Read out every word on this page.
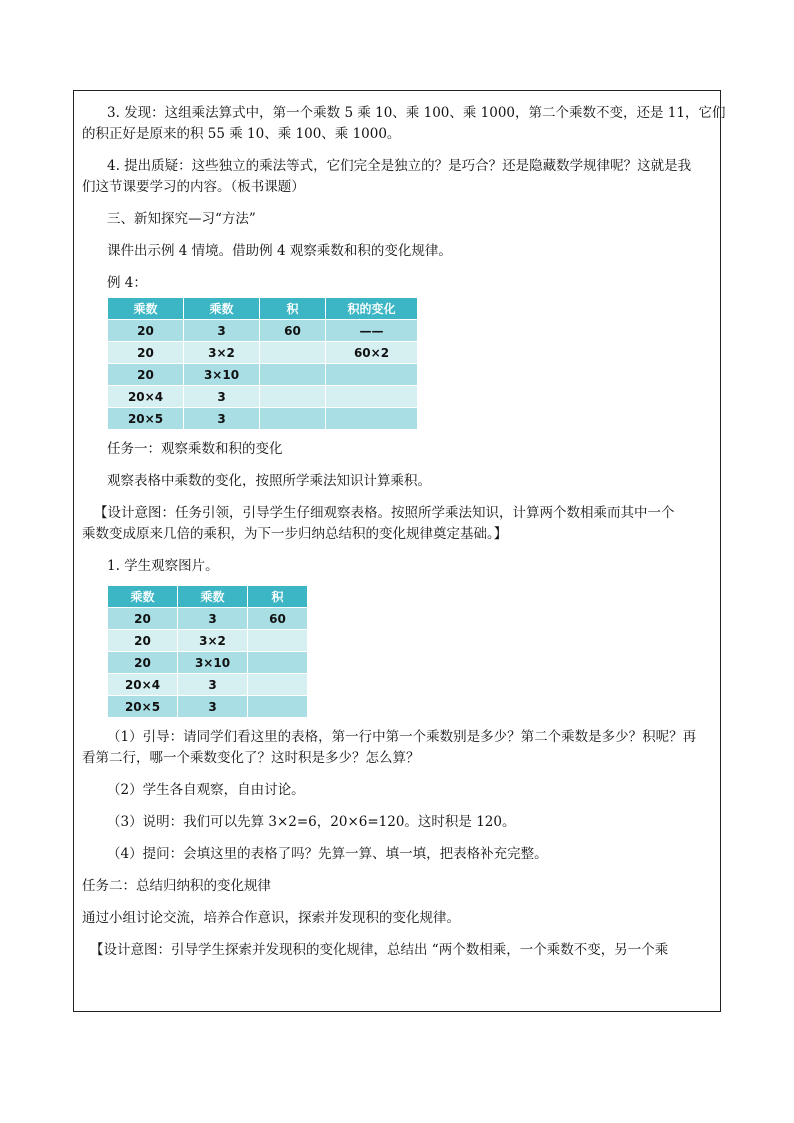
3. 发现：这组乘法算式中，第一个乘数 5 乘 10、乘 100、乘 1000，第二个乘数不变，还是 11，它们

的积正好是原来的积 55 乘 10、乘 100、乘 1000。

4. 提出质疑：这些独立的乘法等式，它们完全是独立的？是巧合？还是隐藏数学规律呢？这就是我

们这节课要学习的内容。（板书课题）

三、新知探究—习“方法”

课件出示例 4 情境。借助例 4 观察乘数和积的变化规律。

例 4：

乘数	乘数	积	积的变化
20	3	60	——
20	3×2		60×2
20	3×10		
20×4	3		
20×5	3		

任务一：观察乘数和积的变化

观察表格中乘数的变化，按照所学乘法知识计算乘积。

【设计意图：任务引领，引导学生仔细观察表格。按照所学乘法知识，计算两个数相乘而其中一个

乘数变成原来几倍的乘积，为下一步归纳总结积的变化规律奠定基础。】

1. 学生观察图片。

乘数	乘数	积
20	3	60
20	3×2	
20	3×10	
20×4	3	
20×5	3	

（1）引导：请同学们看这里的表格，第一行中第一个乘数别是多少？第二个乘数是多少？积呢？再

看第二行，哪一个乘数变化了？这时积是多少？怎么算？

（2）学生各自观察，自由讨论。

（3）说明：我们可以先算 3×2=6，20×6=120。这时积是 120。

（4）提问：会填这里的表格了吗？先算一算、填一填，把表格补充完整。

任务二：总结归纳积的变化规律

通过小组讨论交流，培养合作意识，探索并发现积的变化规律。

【设计意图：引导学生探索并发现积的变化规律，总结出 “两个数相乘，一个乘数不变，另一个乘
